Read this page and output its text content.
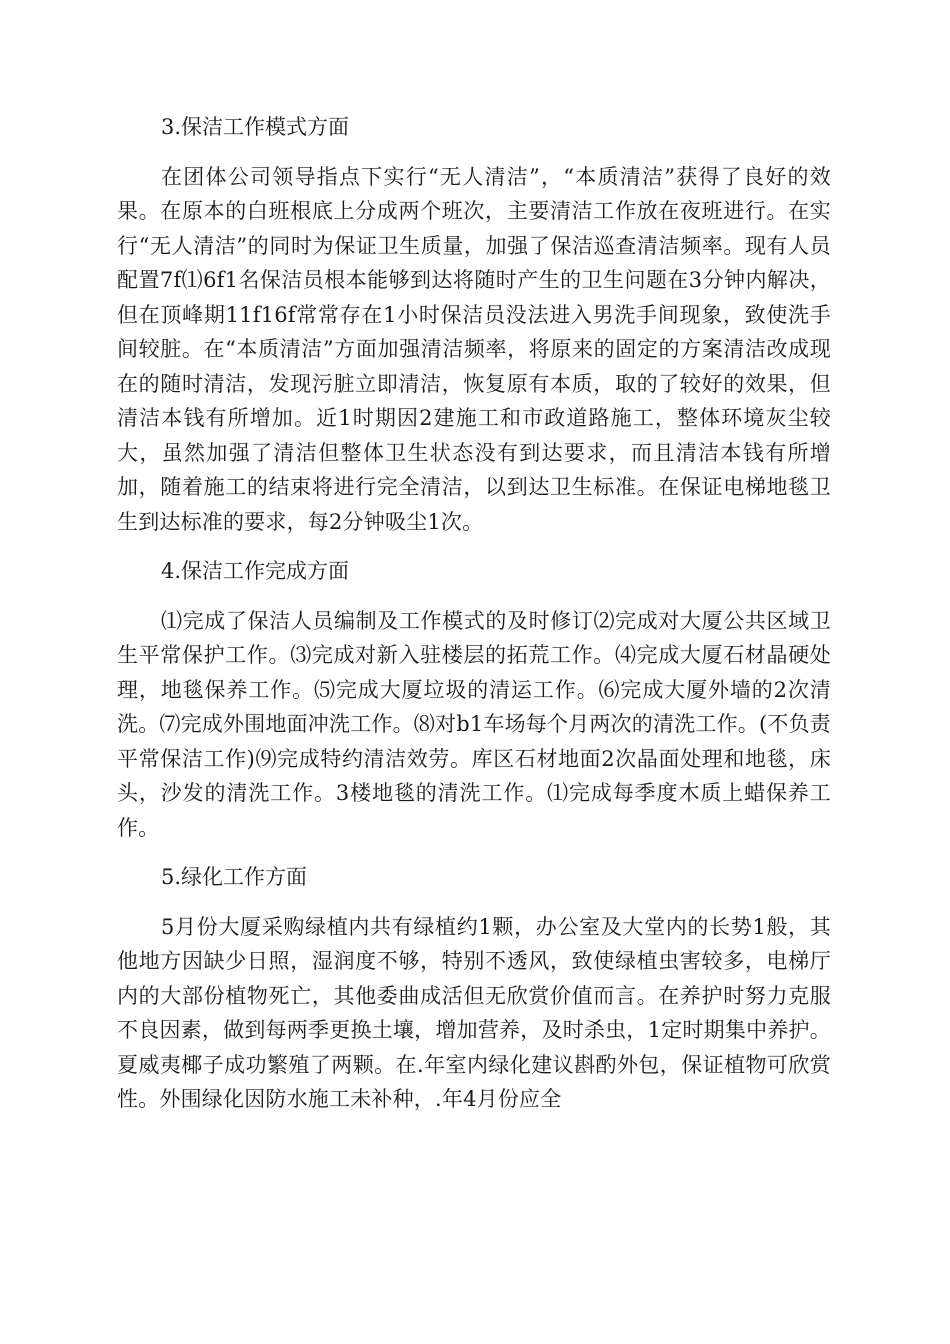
3.保洁工作模式方面

在团体公司领导指点下实行“无人清洁”，“本质清洁”获得了良好的效果。在原本的白班根底上分成两个班次，主要清洁工作放在夜班进行。在实行“无人清洁”的同时为保证卫生质量，加强了保洁巡查清洁频率。现有人员配置7f⑴6f1名保洁员根本能够到达将随时产生的卫生问题在3分钟内解决，但在顶峰期11f16f常常存在1小时保洁员没法进入男洗手间现象，致使洗手间较脏。在“本质清洁”方面加强清洁频率，将原来的固定的方案清洁改成现在的随时清洁，发现污脏立即清洁，恢复原有本质，取的了较好的效果，但清洁本钱有所增加。近1时期因2建施工和市政道路施工，整体环境灰尘较大，虽然加强了清洁但整体卫生状态没有到达要求，而且清洁本钱有所增加，随着施工的结束将进行完全清洁，以到达卫生标准。在保证电梯地毯卫生到达标准的要求，每2分钟吸尘1次。

4.保洁工作完成方面

⑴完成了保洁人员编制及工作模式的及时修订⑵完成对大厦公共区域卫生平常保护工作。⑶完成对新入驻楼层的拓荒工作。⑷完成大厦石材晶硬处理，地毯保养工作。⑸完成大厦垃圾的清运工作。⑹完成大厦外墙的2次清洗。⑺完成外围地面冲洗工作。⑻对b1车场每个月两次的清洗工作。(不负责平常保洁工作)⑼完成特约清洁效劳。库区石材地面2次晶面处理和地毯，床头，沙发的清洗工作。3楼地毯的清洗工作。⑴完成每季度木质上蜡保养工作。

5.绿化工作方面

5月份大厦采购绿植内共有绿植约1颗，办公室及大堂内的长势1般，其他地方因缺少日照，湿润度不够，特别不透风，致使绿植虫害较多，电梯厅内的大部份植物死亡，其他委曲成活但无欣赏价值而言。在养护时努力克服不良因素，做到每两季更换土壤，增加营养，及时杀虫，1定时期集中养护。夏威夷椰子成功繁殖了两颗。在.年室内绿化建议斟酌外包，保证植物可欣赏性。外围绿化因防水施工未补种，.年4月份应全
